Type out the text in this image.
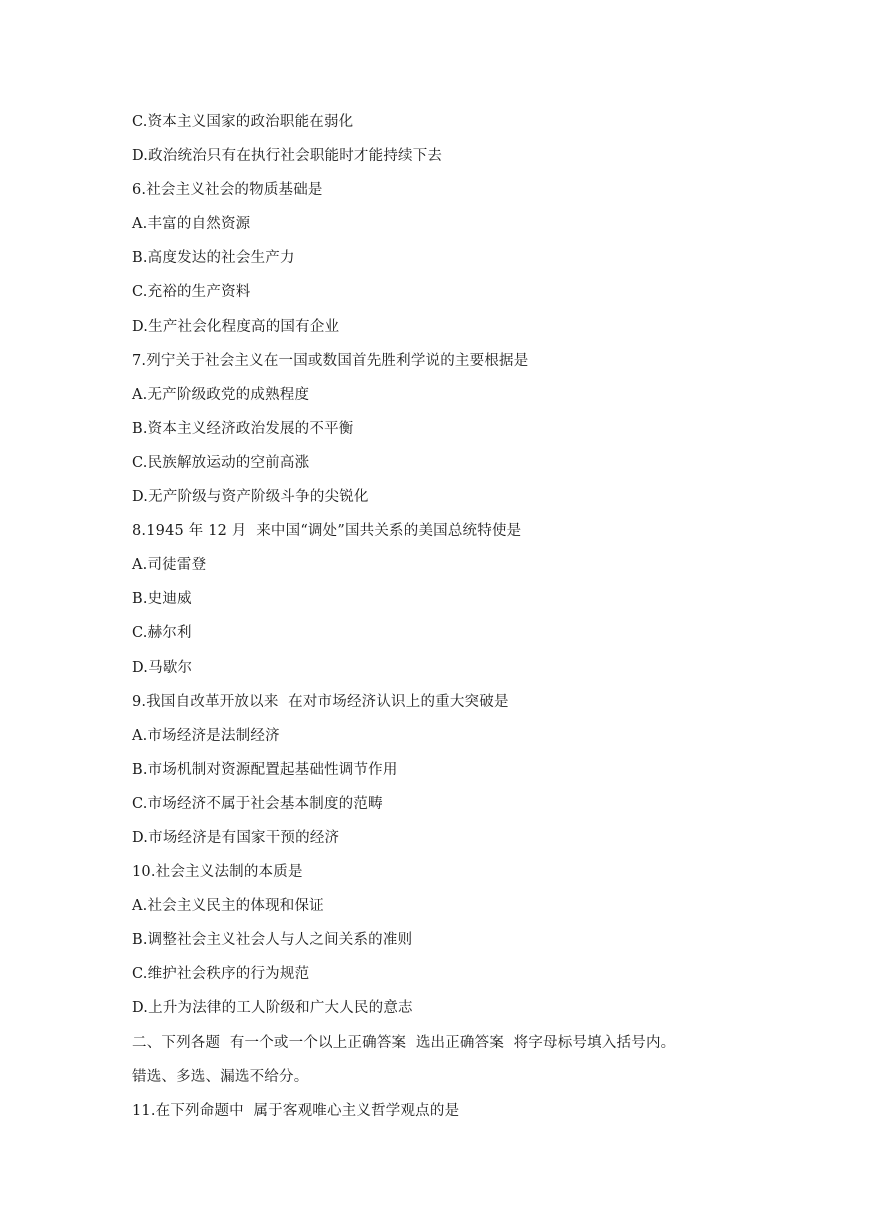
C.资本主义国家的政治职能在弱化
D.政治统治只有在执行社会职能时才能持续下去
6.社会主义社会的物质基础是
A.丰富的自然资源
B.高度发达的社会生产力
C.充裕的生产资料
D.生产社会化程度高的国有企业
7.列宁关于社会主义在一国或数国首先胜利学说的主要根据是
A.无产阶级政党的成熟程度
B.资本主义经济政治发展的不平衡
C.民族解放运动的空前高涨
D.无产阶级与资产阶级斗争的尖锐化
8.1945 年 12 月  来中国“调处”国共关系的美国总统特使是
A.司徒雷登
B.史迪威
C.赫尔利
D.马歇尔
9.我国自改革开放以来  在对市场经济认识上的重大突破是
A.市场经济是法制经济
B.市场机制对资源配置起基础性调节作用
C.市场经济不属于社会基本制度的范畴
D.市场经济是有国家干预的经济
10.社会主义法制的本质是
A.社会主义民主的体现和保证
B.调整社会主义社会人与人之间关系的准则
C.维护社会秩序的行为规范
D.上升为法律的工人阶级和广大人民的意志
二、下列各题  有一个或一个以上正确答案  选出正确答案  将字母标号填入括号内。
错选、多选、漏选不给分。
11.在下列命题中  属于客观唯心主义哲学观点的是
